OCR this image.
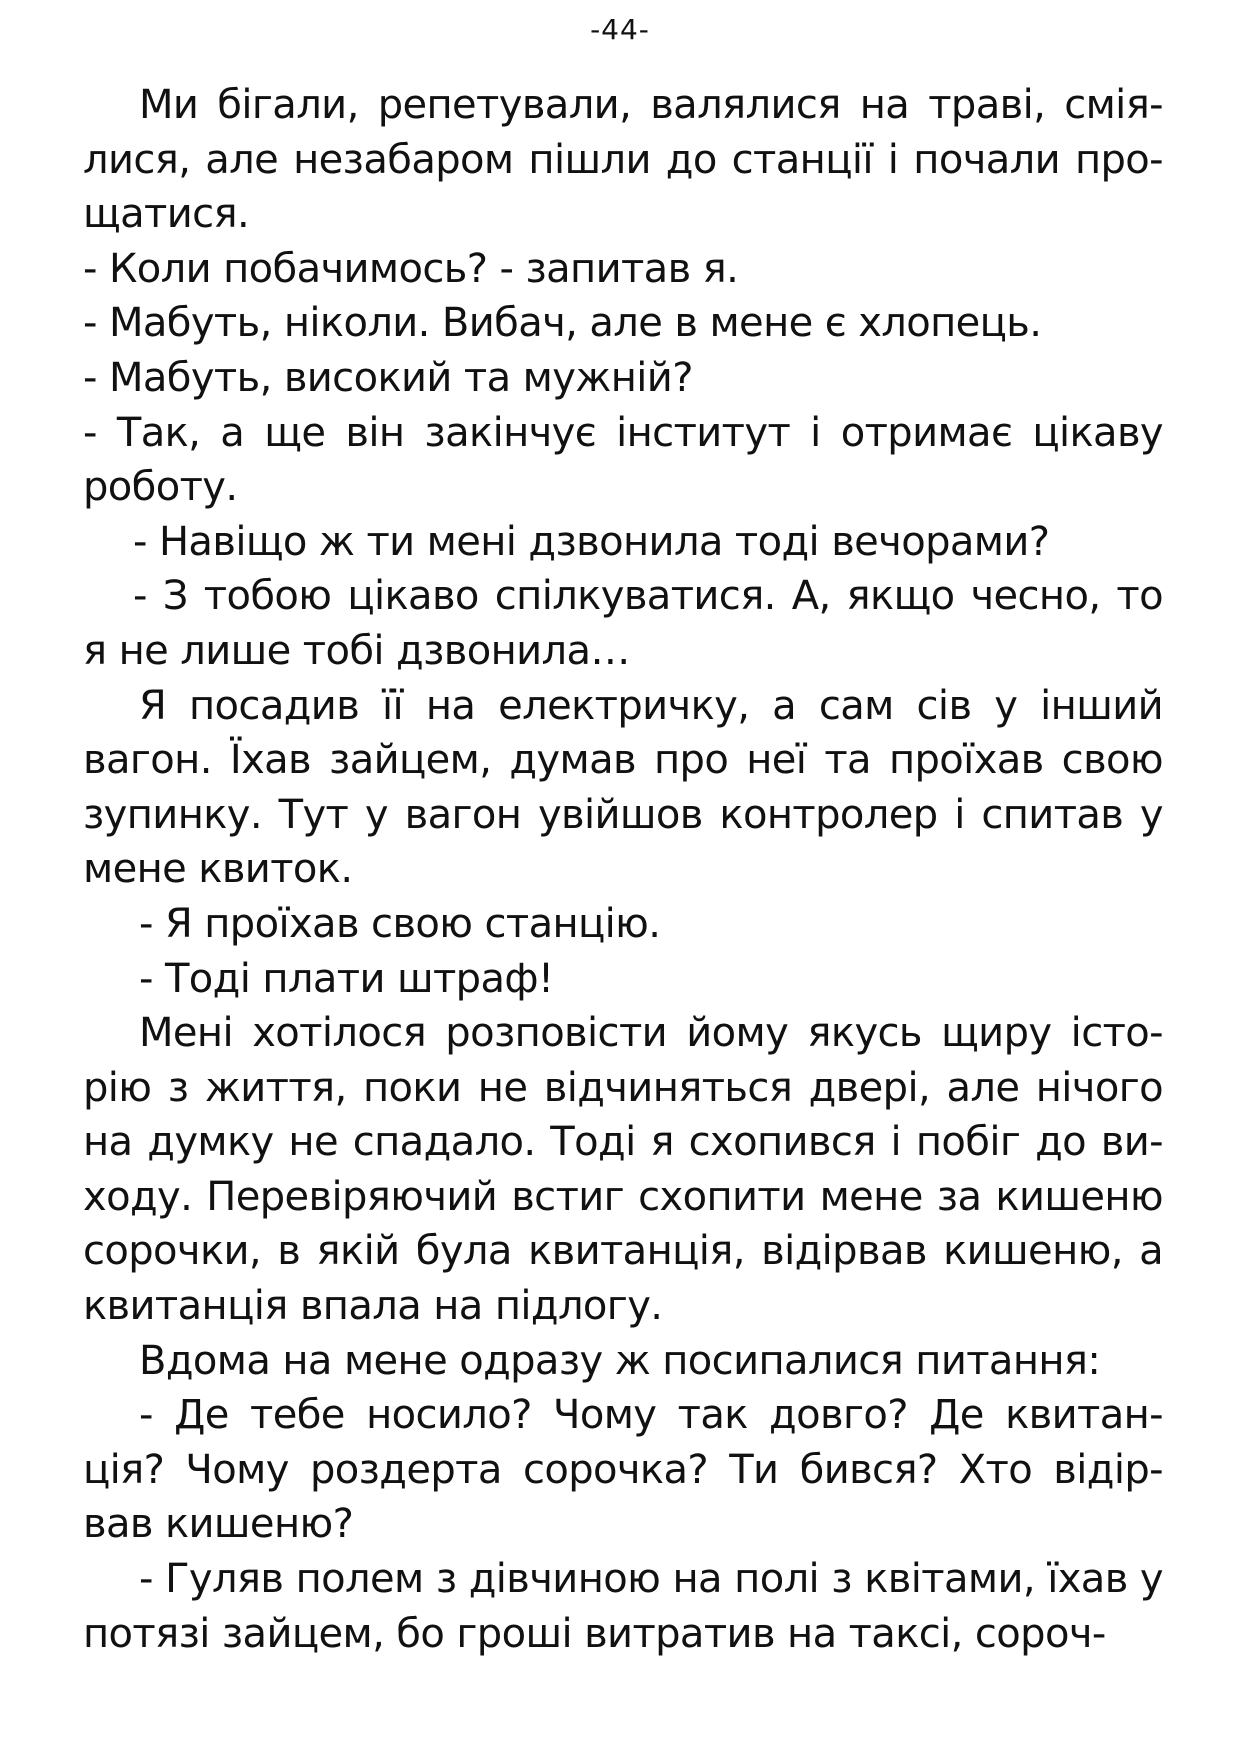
-44-

Ми бігали, репетували, валялися на траві, смія-лися, але незабаром пішли до станції і почали про-щатися.

- Коли побачимось? - запитав я.

- Мабуть, ніколи. Вибач, але в мене є хлопець.

- Мабуть, високий та мужній?

- Так, а ще він закінчує інститут і отримає цікаву роботу.

- Навіщо ж ти мені дзвонила тоді вечорами?

- З тобою цікаво спілкуватися. А, якщо чесно, то я не лише тобі дзвонила…

Я посадив її на електричку, а сам сів у інший вагон. Їхав зайцем, думав про неї та проїхав свою зупинку. Тут у вагон увійшов контролер і спитав у мене квиток.

- Я проїхав свою станцію.

- Тоді плати штраф!

Мені хотілося розповісти йому якусь щиру істо-рію з життя, поки не відчиняться двері, але нічого на думку не спадало. Тоді я схопився і побіг до ви-ходу. Перевіряючий встиг схопити мене за кишеню сорочки, в якій була квитанція, відірвав кишеню, а квитанція впала на підлогу.

Вдома на мене одразу ж посипалися питання:

- Де тебе носило? Чому так довго? Де квитан-ція? Чому роздерта сорочка? Ти бився? Хто відір-вав кишеню?

- Гуляв полем з дівчиною на полі з квітами, їхав у потязі зайцем, бо гроші витратив на таксі, сороч-
